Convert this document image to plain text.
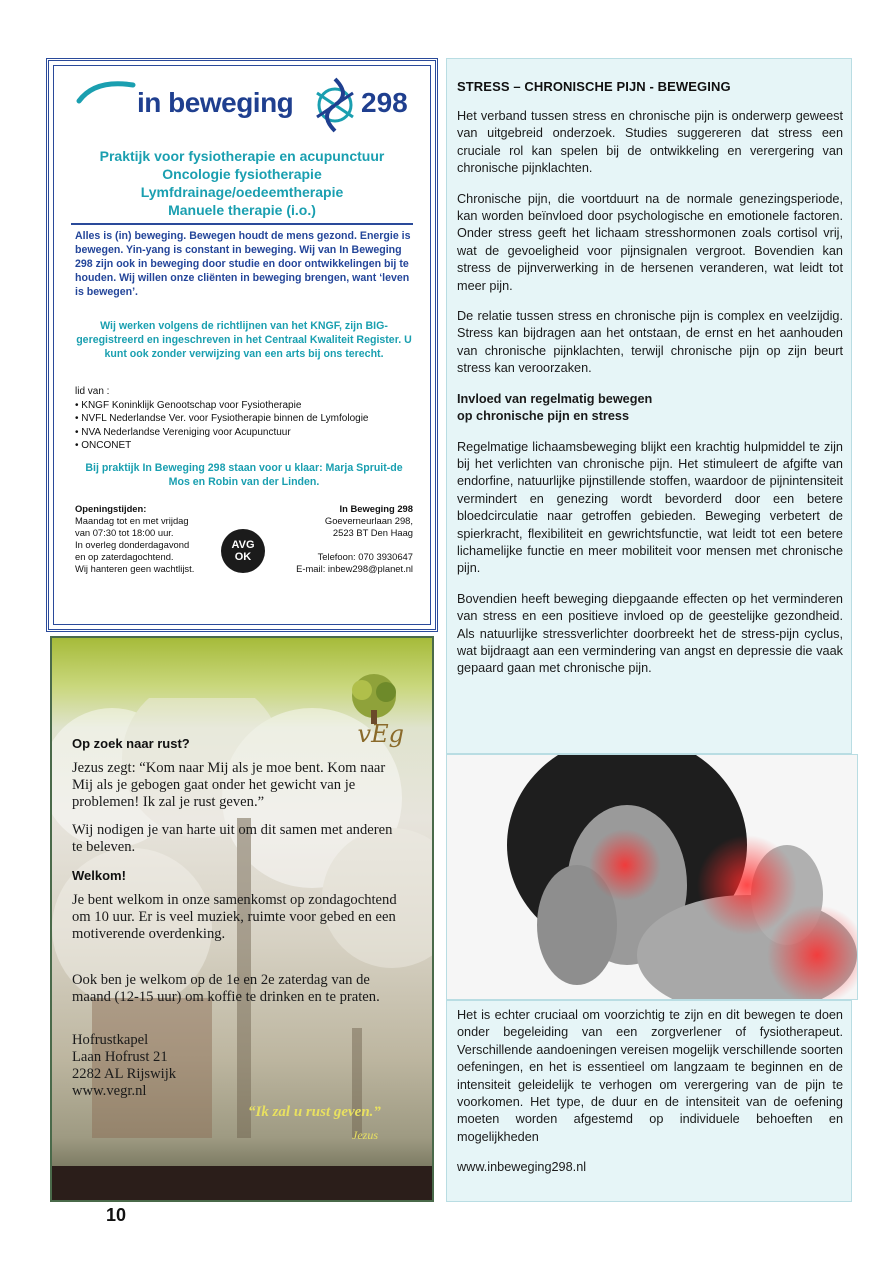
in beweging 298
Praktijk voor fysiotherapie en acupunctuur
Oncologie fysiotherapie
Lymfdrainage/oedeemtherapie
Manuele therapie (i.o.)
Alles is (in) beweging. Bewegen houdt de mens gezond. Energie is bewegen. Yin-yang is constant in beweging. Wij van In Beweging 298 zijn ook in beweging door studie en door ontwikkelingen bij te houden. Wij willen onze cliënten in beweging brengen, want ‘leven is bewegen’.
Wij werken volgens de richtlijnen van het KNGF, zijn BIG-geregistreerd en ingeschreven in het Centraal Kwaliteit Register. U kunt ook zonder verwijzing van een arts bij ons terecht.
lid van :
• KNGF Koninklijk Genootschap voor Fysiotherapie
• NVFL Nederlandse Ver. voor Fysiotherapie binnen de Lymfologie
• NVA Nederlandse Vereniging voor Acupunctuur
• ONCONET
Bij praktijk In Beweging 298 staan voor u klaar: Marja Spruit-de Mos en Robin van der Linden.
Openingstijden:
Maandag tot en met vrijdag
van 07:30 tot 18:00 uur.
In overleg donderdagavond
en op zaterdagochtend.
Wij hanteren geen wachtlijst.
AVG
OK
In Beweging 298
Goeverneurlaan 298,
2523 BT Den Haag
Telefoon: 070 3930647
E-mail: inbew298@planet.nl
vEg
Op zoek naar rust?
Jezus zegt: “Kom naar Mij als je moe bent. Kom naar Mij als je gebogen gaat onder het gewicht van je problemen! Ik zal je rust geven.”
Wij nodigen je van harte uit om dit samen met anderen te beleven.
Welkom!
Je bent welkom in onze samenkomst op zondagochtend om 10 uur. Er is veel muziek, ruimte voor gebed en een motiverende overdenking.
Ook ben je welkom op de 1e en 2e zaterdag van de maand (12-15 uur) om koffie te drinken en te praten.
Hofrustkapel
Laan Hofrust 21
2282 AL Rijswijk
www.vegr.nl
“Ik zal u rust geven.”
Jezus
10
STRESS – CHRONISCHE PIJN - BEWEGING

Het verband tussen stress en chronische pijn is onderwerp geweest van uitgebreid onderzoek. Studies suggereren dat stress een cruciale rol kan spelen bij de ontwikkeling en verergering van chronische pijnklachten.

Chronische pijn, die voortduurt na de normale genezingsperiode, kan worden beïnvloed door psychologische en emotionele factoren. Onder stress geeft het lichaam stresshormonen zoals cortisol vrij, wat de gevoeligheid voor pijnsignalen vergroot. Bovendien kan stress de pijnverwerking in de hersenen veranderen, wat leidt tot meer pijn.

De relatie tussen stress en chronische pijn is complex en veelzijdig. Stress kan bijdragen aan het ontstaan, de ernst en het aanhouden van chronische pijnklachten, terwijl chronische pijn op zijn beurt stress kan veroorzaken.

Invloed van regelmatig bewegen
op chronische pijn en stress

Regelmatige lichaamsbeweging blijkt een krachtig hulpmiddel te zijn bij het verlichten van chronische pijn. Het stimuleert de afgifte van endorfine, natuurlijke pijnstillende stoffen, waardoor de pijnintensiteit vermindert en genezing wordt bevorderd door een betere bloedcirculatie naar getroffen gebieden. Beweging verbetert de spierkracht, flexibiliteit en gewrichtsfunctie, wat leidt tot een betere lichamelijke functie en meer mobiliteit voor mensen met chronische pijn.

Bovendien heeft beweging diepgaande effecten op het verminderen van stress en een positieve invloed op de geestelijke gezondheid. Als natuurlijke stressverlichter doorbreekt het de stress-pijn cyclus, wat bijdraagt aan een vermindering van angst en depressie die vaak gepaard gaan met chronische pijn.

Het is echter cruciaal om voorzichtig te zijn en dit bewegen te doen onder begeleiding van een zorgverlener of fysiotherapeut. Verschillende aandoeningen vereisen mogelijk verschillende soorten oefeningen, en het is essentieel om langzaam te beginnen en de intensiteit geleidelijk te verhogen om verergering van de pijn te voorkomen. Het type, de duur en de intensiteit van de oefening moeten worden afgestemd op individuele behoeften en mogelijkheden

www.inbeweging298.nl
